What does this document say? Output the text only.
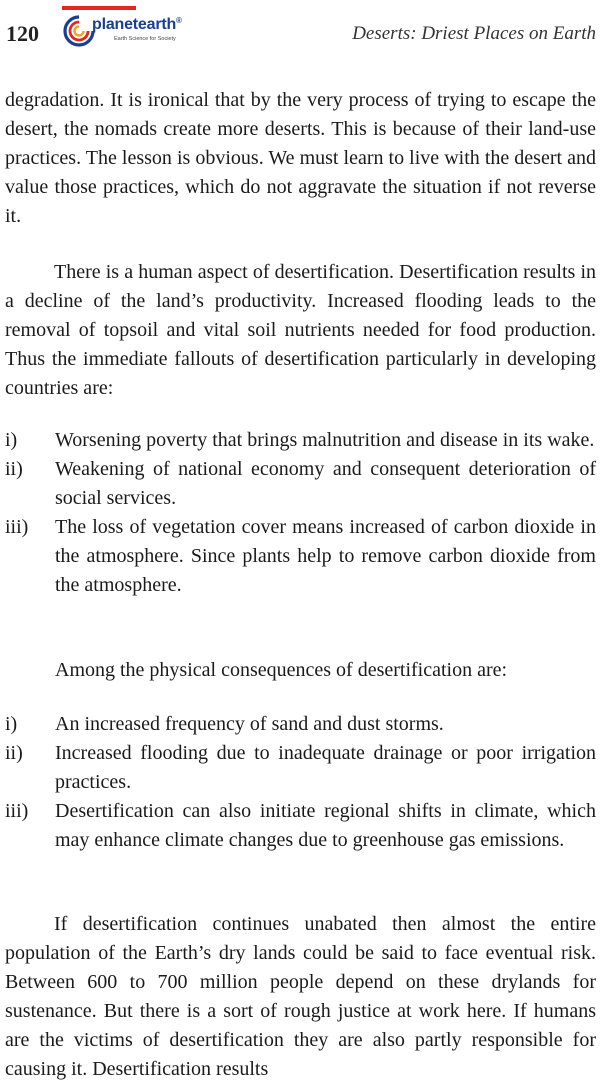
120	planetearth®
Earth Science for Society	Deserts: Driest Places on Earth

degradation. It is ironical that by the very process of trying to escape the desert, the nomads create more deserts. This is because of their land-use practices. The lesson is obvious. We must learn to live with the desert and value those practices, which do not aggravate the situation if not reverse it.

There is a human aspect of desertification. Desertification results in a decline of the land’s productivity. Increased flooding leads to the removal of topsoil and vital soil nutrients needed for food production. Thus the immediate fallouts of desertification particularly in developing countries are:

i)	Worsening poverty that brings malnutrition and disease in its wake.
ii)	Weakening of national economy and consequent deterioration of social services.
iii)	The loss of vegetation cover means increased of carbon dioxide in the atmosphere. Since plants help to remove carbon dioxide from the atmosphere.

Among the physical consequences of desertification are:

i)	An increased frequency of sand and dust storms.
ii)	Increased flooding due to inadequate drainage or poor irrigation practices.
iii)	Desertification can also initiate regional shifts in climate, which may enhance climate changes due to greenhouse gas emissions.

If desertification continues unabated then almost the entire population of the Earth’s dry lands could be said to face eventual risk. Between 600 to 700 million people depend on these drylands for sustenance. But there is a sort of rough justice at work here. If humans are the victims of desertification they are also partly responsible for causing it. Desertification results
